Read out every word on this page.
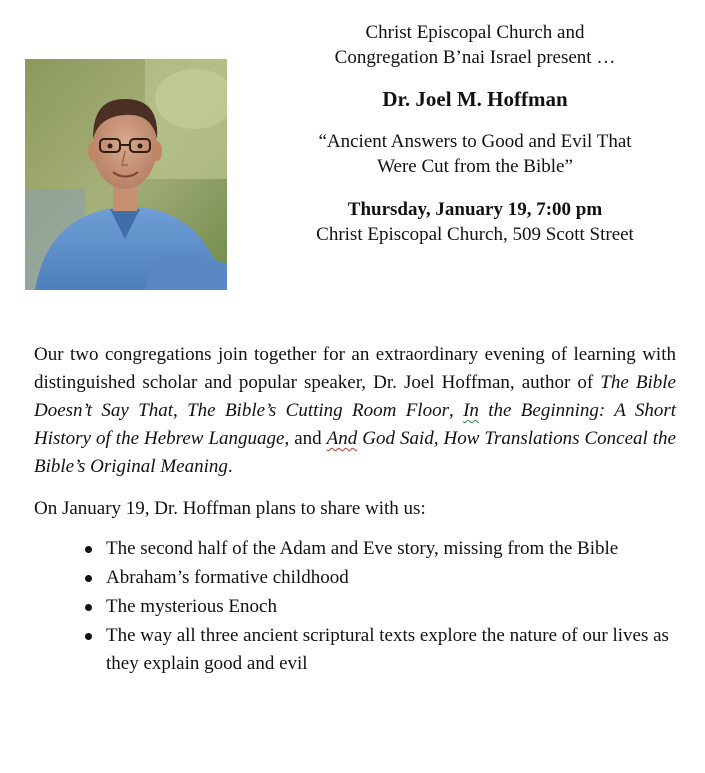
Christ Episcopal Church and
Congregation B’nai Israel present …

Dr. Joel M. Hoffman

“Ancient Answers to Good and Evil That
Were Cut from the Bible”

Thursday, January 19, 7:00 pm

Christ Episcopal Church, 509 Scott Street

Our two congregations join together for an extraordinary evening of learning with distinguished scholar and popular speaker, Dr. Joel Hoffman, author of The Bible Doesn’t Say That, The Bible’s Cutting Room Floor, In the Beginning: A Short History of the Hebrew Language, and And God Said, How Translations Conceal the Bible’s Original Meaning.

On January 19, Dr. Hoffman plans to share with us:

The second half of the Adam and Eve story, missing from the Bible
Abraham’s formative childhood
The mysterious Enoch
The way all three ancient scriptural texts explore the nature of our lives as they explain good and evil
